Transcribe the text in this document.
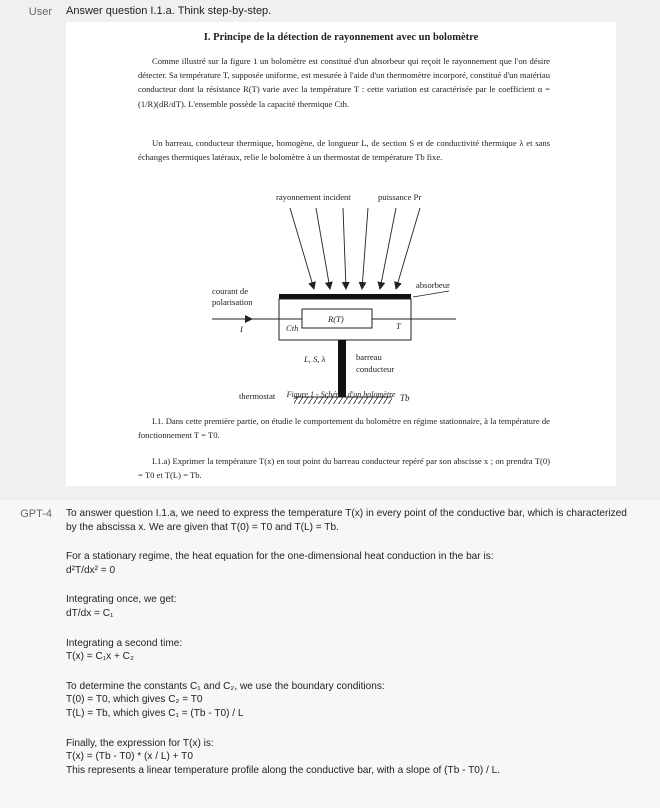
User Answer question I.1.a. Think step-by-step.
I. Principe de la détection de rayonnement avec un bolomètre
Comme illustré sur la figure 1 un bolomètre est constitué d'un absorbeur qui reçoit le rayonnement que l'on désire détecter. Sa température T, supposée uniforme, est mesurée à l'aide d'un thermomètre incorporé, constitué d'un matériau conducteur dont la résistance R(T) varie avec la température T : cette variation est caractérisée par le coefficient α = (1/R)(dR/dT). L'ensemble possède la capacité thermique Cth.
Un barreau, conducteur thermique, homogène, de longueur L, de section S et de conductivité thermique λ et sans échanges thermiques latéraux, relie le bolomètre à un thermostat de température Tb fixe.
rayonnement incident	puissance Pr
absorbeur
courant de
polarisation
I	Cth
R(T)
T
L, S, λ	barreau
conducteur
thermostat	Tb
Figure 1 - Schéma d'un bolomètre
I.1. Dans cette première partie, on étudie le comportement du bolomètre en régime stationnaire, à la température de fonctionnement T = T0.
I.1.a) Exprimer la température T(x) en tout point du barreau conducteur repéré par son abscisse x ; on prendra T(0) = T0 et T(L) = Tb.
GPT-4 To answer question I.1.a, we need to express the temperature T(x) in every point of the conductive bar, which is characterized by the abscissa x. We are given that T(0) = T0 and T(L) = Tb.

For a stationary regime, the heat equation for the one-dimensional heat conduction in the bar is:
d²T/dx² = 0

Integrating once, we get:
dT/dx = C₁

Integrating a second time:
T(x) = C₁x + C₂

To determine the constants C₁ and C₂, we use the boundary conditions:
T(0) = T0, which gives C₂ = T0
T(L) = Tb, which gives C₁ = (Tb - T0) / L

Finally, the expression for T(x) is:
T(x) = (Tb - T0) * (x / L) + T0
This represents a linear temperature profile along the conductive bar, with a slope of (Tb - T0) / L.
